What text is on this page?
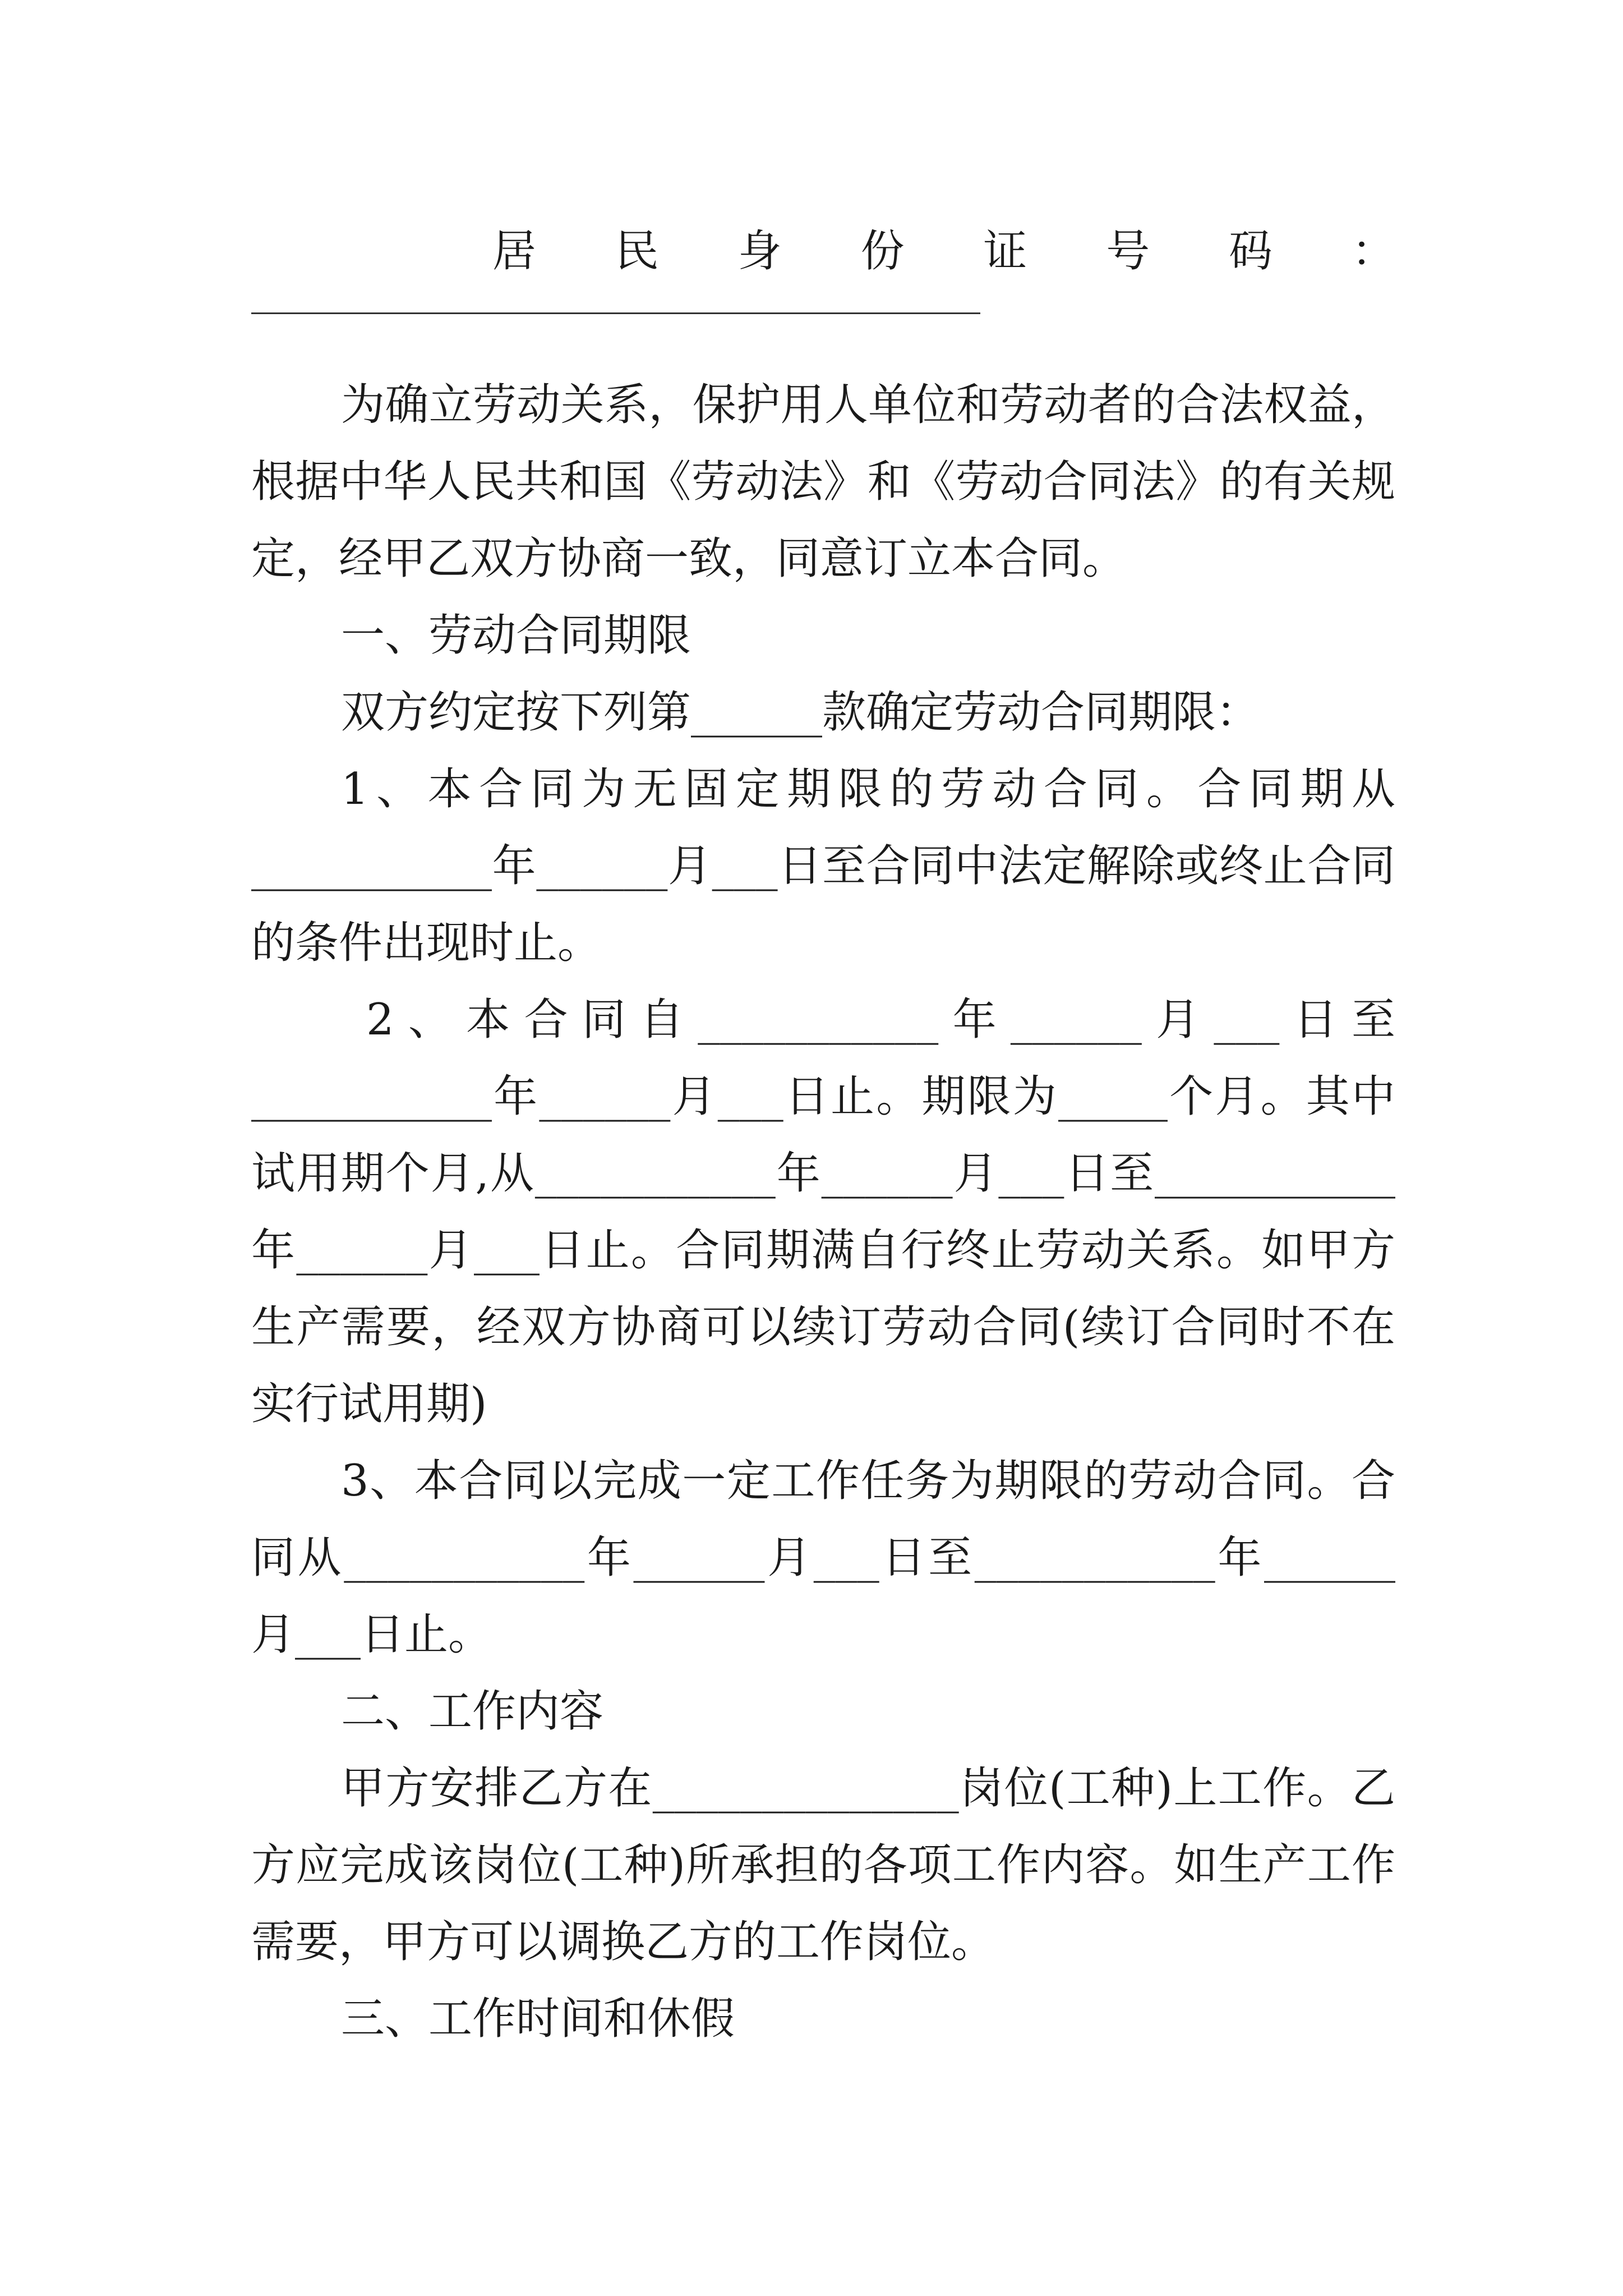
居民身份证号码：
为确立劳动关系，保护用人单位和劳动者的合法权益，
根据中华人民共和国《劳动法》和《劳动合同法》的有关规
定，经甲乙双方协商一致，同意订立本合同。
一、劳动合同期限
双方约定按下列第______款确定劳动合同期限：
1、本合同为无固定期限的劳动合同。合同期从
___________年______月___日至合同中法定解除或终止合同
的条件出现时止。
2、本合同自___________年______月___日至
___________年______月___日止。期限为_____个月。其中
试用期个月,从___________年______月___日至___________
年______月___日止。合同期满自行终止劳动关系。如甲方
生产需要，经双方协商可以续订劳动合同(续订合同时不在
实行试用期)
3、本合同以完成一定工作任务为期限的劳动合同。合
同从___________年______月___日至___________年______
月___日止。
二、工作内容
甲方安排乙方在______________岗位(工种)上工作。乙
方应完成该岗位(工种)所承担的各项工作内容。如生产工作
需要，甲方可以调换乙方的工作岗位。
三、工作时间和休假
